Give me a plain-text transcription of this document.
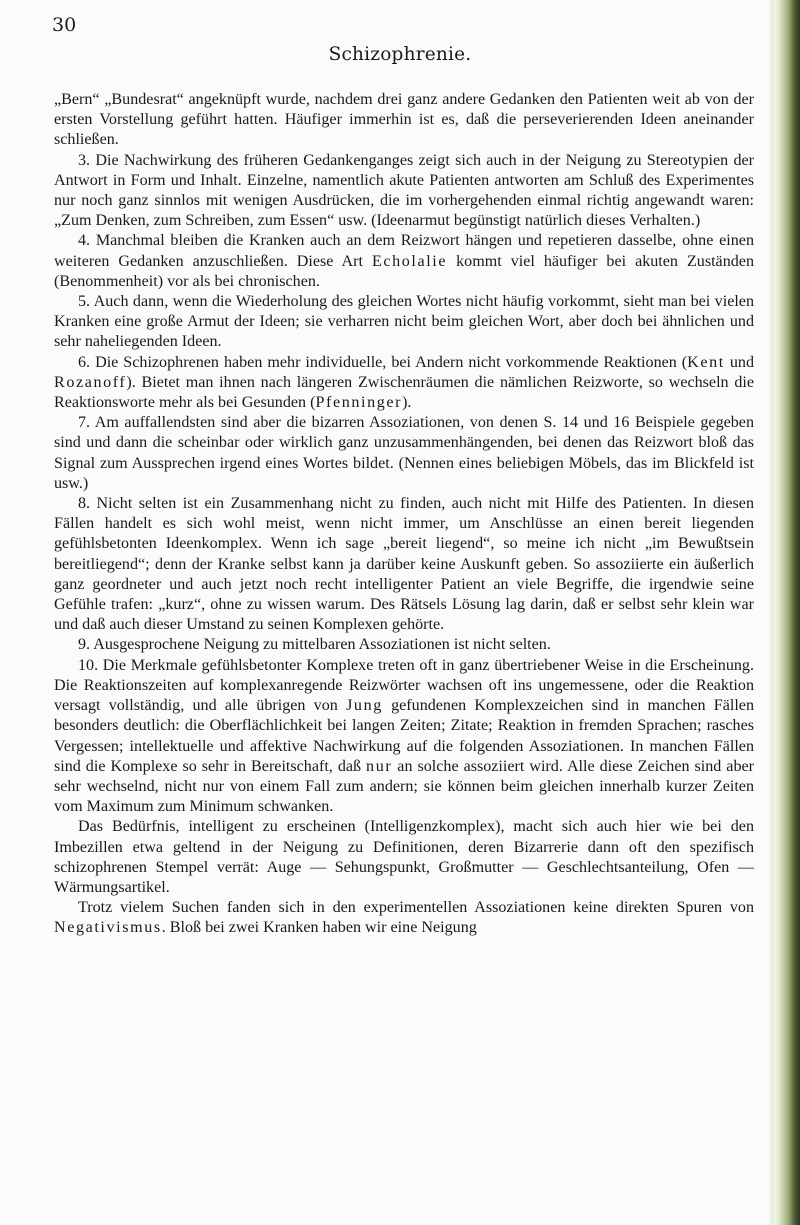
30
Schizophrenie.

„Bern“ „Bundesrat“ angeknüpft wurde, nachdem drei ganz andere Gedanken den Patienten weit ab von der ersten Vorstellung geführt hatten. Häufiger immerhin ist es, daß die perseverierenden Ideen aneinander schließen.

3. Die Nachwirkung des früheren Gedankenganges zeigt sich auch in der Neigung zu Stereotypien der Antwort in Form und Inhalt. Einzelne, namentlich akute Patienten antworten am Schluß des Experimentes nur noch ganz sinnlos mit wenigen Ausdrücken, die im vorhergehenden einmal richtig angewandt waren: „Zum Denken, zum Schreiben, zum Essen“ usw. (Ideenarmut begünstigt natürlich dieses Verhalten.)

4. Manchmal bleiben die Kranken auch an dem Reizwort hängen und repetieren dasselbe, ohne einen weiteren Gedanken anzuschließen. Diese Art Echolalie kommt viel häufiger bei akuten Zuständen (Benommenheit) vor als bei chronischen.

5. Auch dann, wenn die Wiederholung des gleichen Wortes nicht häufig vorkommt, sieht man bei vielen Kranken eine große Armut der Ideen; sie verharren nicht beim gleichen Wort, aber doch bei ähnlichen und sehr naheliegenden Ideen.

6. Die Schizophrenen haben mehr individuelle, bei Andern nicht vorkommende Reaktionen (Kent und Rozanoff). Bietet man ihnen nach längeren Zwischenräumen die nämlichen Reizworte, so wechseln die Reaktionsworte mehr als bei Gesunden (Pfenninger).

7. Am auffallendsten sind aber die bizarren Assoziationen, von denen S. 14 und 16 Beispiele gegeben sind und dann die scheinbar oder wirklich ganz unzusammenhängenden, bei denen das Reizwort bloß das Signal zum Aussprechen irgend eines Wortes bildet. (Nennen eines beliebigen Möbels, das im Blickfeld ist usw.)

8. Nicht selten ist ein Zusammenhang nicht zu finden, auch nicht mit Hilfe des Patienten. In diesen Fällen handelt es sich wohl meist, wenn nicht immer, um Anschlüsse an einen bereit liegenden gefühlsbetonten Ideenkomplex. Wenn ich sage „bereit liegend“, so meine ich nicht „im Bewußtsein bereitliegend“; denn der Kranke selbst kann ja darüber keine Auskunft geben. So assoziierte ein äußerlich ganz geordneter und auch jetzt noch recht intelligenter Patient an viele Begriffe, die irgendwie seine Gefühle trafen: „kurz“, ohne zu wissen warum. Des Rätsels Lösung lag darin, daß er selbst sehr klein war und daß auch dieser Umstand zu seinen Komplexen gehörte.

9. Ausgesprochene Neigung zu mittelbaren Assoziationen ist nicht selten.

10. Die Merkmale gefühlsbetonter Komplexe treten oft in ganz übertriebener Weise in die Erscheinung. Die Reaktionszeiten auf komplexanregende Reizwörter wachsen oft ins ungemessene, oder die Reaktion versagt vollständig, und alle übrigen von Jung gefundenen Komplexzeichen sind in manchen Fällen besonders deutlich: die Oberflächlichkeit bei langen Zeiten; Zitate; Reaktion in fremden Sprachen; rasches Vergessen; intellektuelle und affektive Nachwirkung auf die folgenden Assoziationen. In manchen Fällen sind die Komplexe so sehr in Bereitschaft, daß nur an solche assoziiert wird. Alle diese Zeichen sind aber sehr wechselnd, nicht nur von einem Fall zum andern; sie können beim gleichen innerhalb kurzer Zeiten vom Maximum zum Minimum schwanken.

Das Bedürfnis, intelligent zu erscheinen (Intelligenzkomplex), macht sich auch hier wie bei den Imbezillen etwa geltend in der Neigung zu Definitionen, deren Bizarrerie dann oft den spezifisch schizophrenen Stempel verrät: Auge — Sehungspunkt, Großmutter — Geschlechtsanteilung, Ofen — Wärmungsartikel.

Trotz vielem Suchen fanden sich in den experimentellen Assoziationen keine direkten Spuren von Negativismus. Bloß bei zwei Kranken haben wir eine Neigung
